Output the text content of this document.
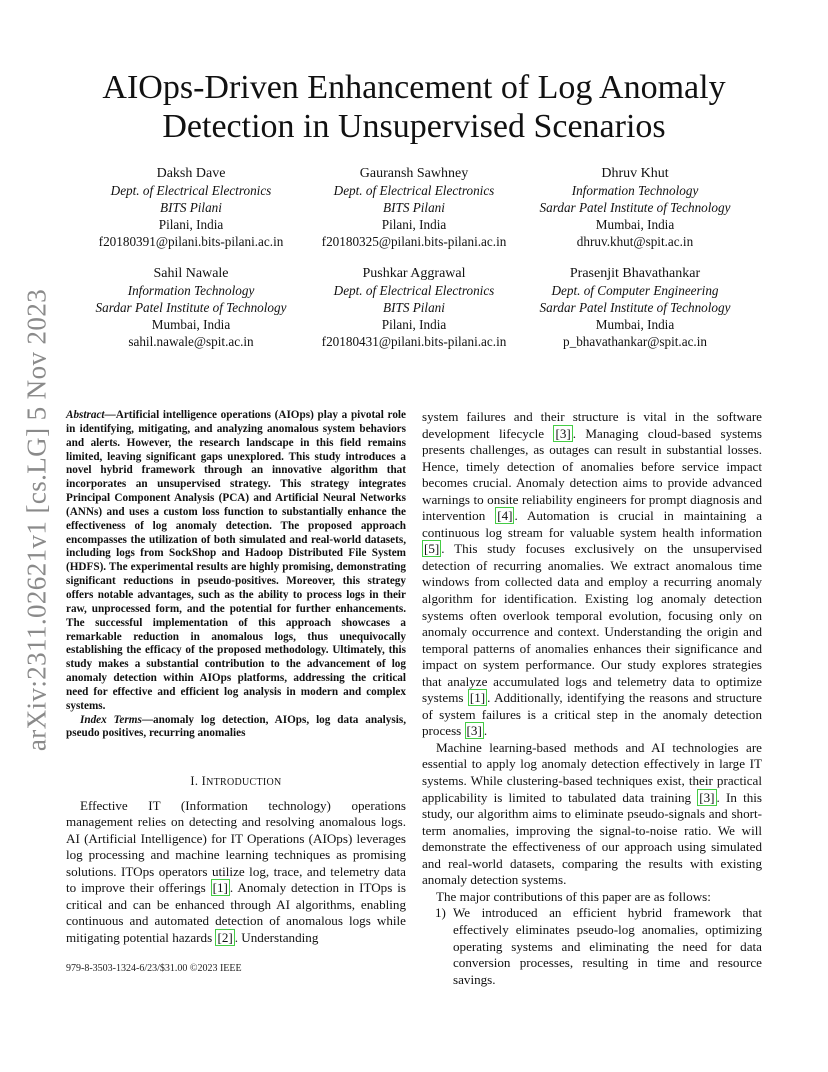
arXiv:2311.02621v1 [cs.LG] 5 Nov 2023
AIOps-Driven Enhancement of Log Anomaly Detection in Unsupervised Scenarios
Daksh Dave
Dept. of Electrical Electronics
BITS Pilani
Pilani, India
f20180391@pilani.bits-pilani.ac.in
Gauransh Sawhney
Dept. of Electrical Electronics
BITS Pilani
Pilani, India
f20180325@pilani.bits-pilani.ac.in
Dhruv Khut
Information Technology
Sardar Patel Institute of Technology
Mumbai, India
dhruv.khut@spit.ac.in
Sahil Nawale
Information Technology
Sardar Patel Institute of Technology
Mumbai, India
sahil.nawale@spit.ac.in
Pushkar Aggrawal
Dept. of Electrical Electronics
BITS Pilani
Pilani, India
f20180431@pilani.bits-pilani.ac.in
Prasenjit Bhavathankar
Dept. of Computer Engineering
Sardar Patel Institute of Technology
Mumbai, India
p_bhavathankar@spit.ac.in

Abstract—Artificial intelligence operations (AIOps) play a pivotal role in identifying, mitigating, and analyzing anomalous system behaviors and alerts. However, the research landscape in this field remains limited, leaving significant gaps unexplored. This study introduces a novel hybrid framework through an innovative algorithm that incorporates an unsupervised strategy. This strategy integrates Principal Component Analysis (PCA) and Artificial Neural Networks (ANNs) and uses a custom loss function to substantially enhance the effectiveness of log anomaly detection. The proposed approach encompasses the utilization of both simulated and real-world datasets, including logs from SockShop and Hadoop Distributed File System (HDFS). The experimental results are highly promising, demonstrating significant reductions in pseudo-positives. Moreover, this strategy offers notable advantages, such as the ability to process logs in their raw, unprocessed form, and the potential for further enhancements. The successful implementation of this approach showcases a remarkable reduction in anomalous logs, thus unequivocally establishing the efficacy of the proposed methodology. Ultimately, this study makes a substantial contribution to the advancement of log anomaly detection within AIOps platforms, addressing the critical need for effective and efficient log analysis in modern and complex systems.

Index Terms—anomaly log detection, AIOps, log data analysis, pseudo positives, recurring anomalies

I. INTRODUCTION

Effective IT (Information technology) operations management relies on detecting and resolving anomalous logs. AI (Artificial Intelligence) for IT Operations (AIOps) leverages log processing and machine learning techniques as promising solutions. ITOps operators utilize log, trace, and telemetry data to improve their offerings [1] . Anomaly detection in ITOps is critical and can be enhanced through AI algorithms, enabling continuous and automated detection of anomalous logs while mitigating potential hazards [2] . Understanding

system failures and their structure is vital in the software development lifecycle [3] . Managing cloud-based systems presents challenges, as outages can result in substantial losses. Hence, timely detection of anomalies before service impact becomes crucial. Anomaly detection aims to provide advanced warnings to onsite reliability engineers for prompt diagnosis and intervention [4] . Automation is crucial in maintaining a continuous log stream for valuable system health information [5] . This study focuses exclusively on the unsupervised detection of recurring anomalies. We extract anomalous time windows from collected data and employ a recurring anomaly algorithm for identification. Existing log anomaly detection systems often overlook temporal evolution, focusing only on anomaly occurrence and context. Understanding the origin and temporal patterns of anomalies enhances their significance and impact on system performance. Our study explores strategies that analyze accumulated logs and telemetry data to optimize systems [1] . Additionally, identifying the reasons and structure of system failures is a critical step in the anomaly detection process [3] .

Machine learning-based methods and AI technologies are essential to apply log anomaly detection effectively in large IT systems. While clustering-based techniques exist, their practical applicability is limited to tabulated data training [3] . In this study, our algorithm aims to eliminate pseudo-signals and short-term anomalies, improving the signal-to-noise ratio. We will demonstrate the effectiveness of our approach using simulated and real-world datasets, comparing the results with existing anomaly detection systems.

The major contributions of this paper are as follows:

1) We introduced an efficient hybrid framework that effectively eliminates pseudo-log anomalies, optimizing operating systems and eliminating the need for data conversion processes, resulting in time and resource savings.
979-8-3503-1324-6/23/$31.00 ©2023 IEEE
